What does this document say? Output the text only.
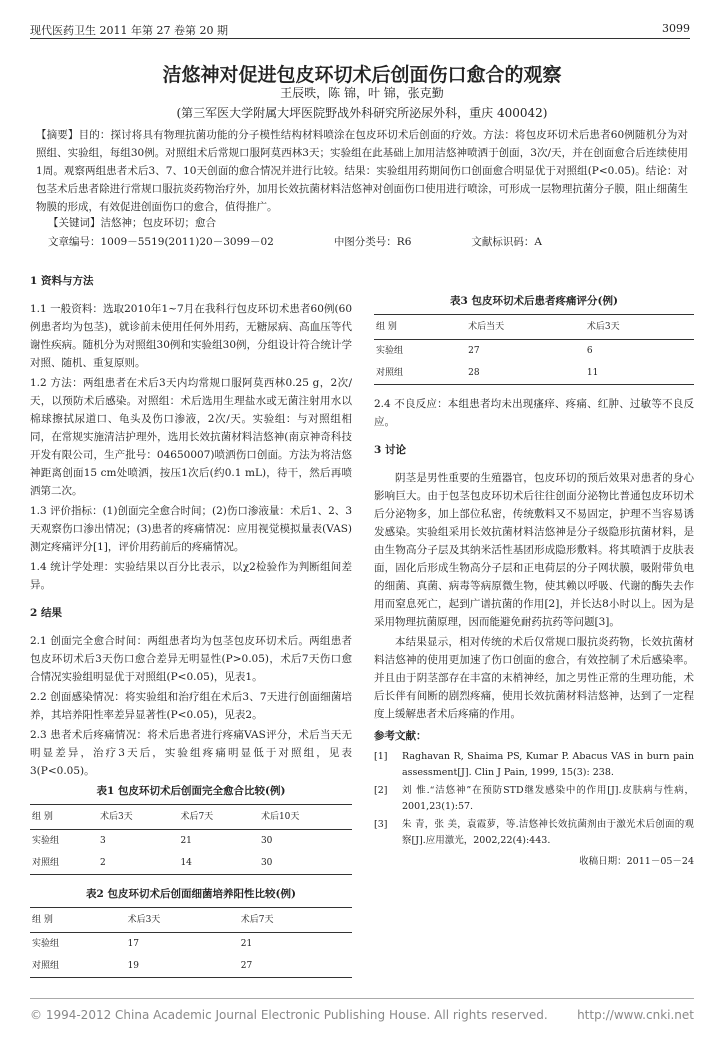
现代医药卫生 2011 年第 27 卷第 20 期	3099
洁悠神对促进包皮环切术后创面伤口愈合的观察
王辰昳，陈 锦，叶 锦，张克勤
(第三军医大学附属大坪医院野战外科研究所泌尿外科，重庆 400042)
【摘要】目的：探讨将具有物理抗菌功能的分子模性结构材料喷涂在包皮环切术后创面的疗效。方法：将包皮环切术后患者60例随机分为对照组、实验组，每组30例。对照组术后常规口服阿莫西林3天；实验组在此基础上加用洁悠神喷洒于创面，3次/天，并在创面愈合后连续使用1周。观察两组患者术后3、7、10天创面的愈合情况并进行比较。结果：实验组用药期间伤口创面愈合明显优于对照组(P<0.05)。结论：对包茎术后患者除进行常规口服抗炎药物治疗外，加用长效抗菌材料洁悠神对创面伤口使用进行喷涂，可形成一层物理抗菌分子膜，阻止细菌生物膜的形成，有效促进创面伤口的愈合，值得推广。
【关键词】洁悠神；包皮环切；愈合
文章编号：1009－5519(2011)20－3099－02	中图分类号：R6	文献标识码：A
1 资料与方法

1.1 一般资料：选取2010年1~7月在我科行包皮环切术患者60例(60例患者均为包茎)，就诊前未使用任何外用药，无糖尿病、高血压等代谢性疾病。随机分为对照组30例和实验组30例，分组设计符合统计学对照、随机、重复原则。

1.2 方法：两组患者在术后3天内均常规口服阿莫西林0.25 g，2次/天，以预防术后感染。对照组：术后选用生理盐水或无菌注射用水以棉球擦拭尿道口、龟头及伤口渗液，2次/天。实验组：与对照组相同，在常规实施清洁护理外，选用长效抗菌材料洁悠神(南京神奇科技开发有限公司，生产批号：04650007)喷洒伤口创面。方法为将洁悠神距离创面15 cm处喷洒，按压1次后(约0.1 mL)，待干，然后再喷洒第二次。

1.3 评价指标：(1)创面完全愈合时间；(2)伤口渗液量：术后1、2、3天观察伤口渗出情况；(3)患者的疼痛情况：应用视觉模拟量表(VAS)测定疼痛评分[1]，评价用药前后的疼痛情况。

1.4 统计学处理：实验结果以百分比表示，以χ2检验作为判断组间差异。

2 结果

2.1 创面完全愈合时间：两组患者均为包茎包皮环切术后。两组患者包皮环切术后3天伤口愈合差异无明显性(P>0.05)，术后7天伤口愈合情况实验组明显优于对照组(P<0.05)，见表1。

2.2 创面感染情况：将实验组和治疗组在术后3、7天进行创面细菌培养，其培养阳性率差异显著性(P<0.05)，见表2。

2.3 患者术后疼痛情况：将术后患者进行疼痛VAS评分，术后当天无明显差异，治疗3天后，实验组疼痛明显低于对照组，见表3(P<0.05)。

表1 包皮环切术后创面完全愈合比较(例)
组 别	术后3天	术后7天	术后10天
实验组	3	21	30
对照组	2	14	30
表2 包皮环切术后创面细菌培养阳性比较(例)
组 别	术后3天	术后7天
实验组	17	21
对照组	19	27
表3 包皮环切术后患者疼痛评分(例)
组 别	术后当天	术后3天
实验组	27	6
对照组	28	11

2.4 不良反应：本组患者均未出现瘙痒、疼痛、红肿、过敏等不良反应。

3 讨论

阴茎是男性重要的生殖器官，包皮环切的预后效果对患者的身心影响巨大。由于包茎包皮环切术后往往创面分泌物比普通包皮环切术后分泌物多，加上部位私密，传统敷料又不易固定，护理不当容易诱发感染。实验组采用长效抗菌材料洁悠神是分子级隐形抗菌材料，是由生物高分子层及其纳米活性基团形成隐形敷料。将其喷洒于皮肤表面，固化后形成生物高分子层和正电荷层的分子网状膜，吸附带负电的细菌、真菌、病毒等病原微生物，使其赖以呼吸、代谢的酶失去作用而窒息死亡，起到广谱抗菌的作用[2]，并长达8小时以上。因为是采用物理抗菌原理，因而能避免耐药抗药等问题[3]。

本结果显示，相对传统的术后仅常规口服抗炎药物，长效抗菌材料洁悠神的使用更加速了伤口创面的愈合，有效控制了术后感染率。并且由于阴茎部存在丰富的末梢神经，加之男性正常的生理功能，术后长伴有间断的剧烈疼痛，使用长效抗菌材料洁悠神，达到了一定程度上缓解患者术后疼痛的作用。

参考文献：
[1]	Raghavan R, Shaima PS, Kumar P. Abacus VAS in burn pain assessment[J]. Clin J Pain, 1999, 15(3): 238.
[2]	刘 惟.“洁悠神”在预防STD继发感染中的作用[J].皮肤病与性病，2001,23(1):57.
[3]	朱 青，张 美，袁霞萝，等.洁悠神长效抗菌剂由于激光术后创面的观察[J].应用激光，2002,22(4):443.
收稿日期：2011－05－24
© 1994-2012 China Academic Journal Electronic Publishing House. All rights reserved. http://www.cnki.net
